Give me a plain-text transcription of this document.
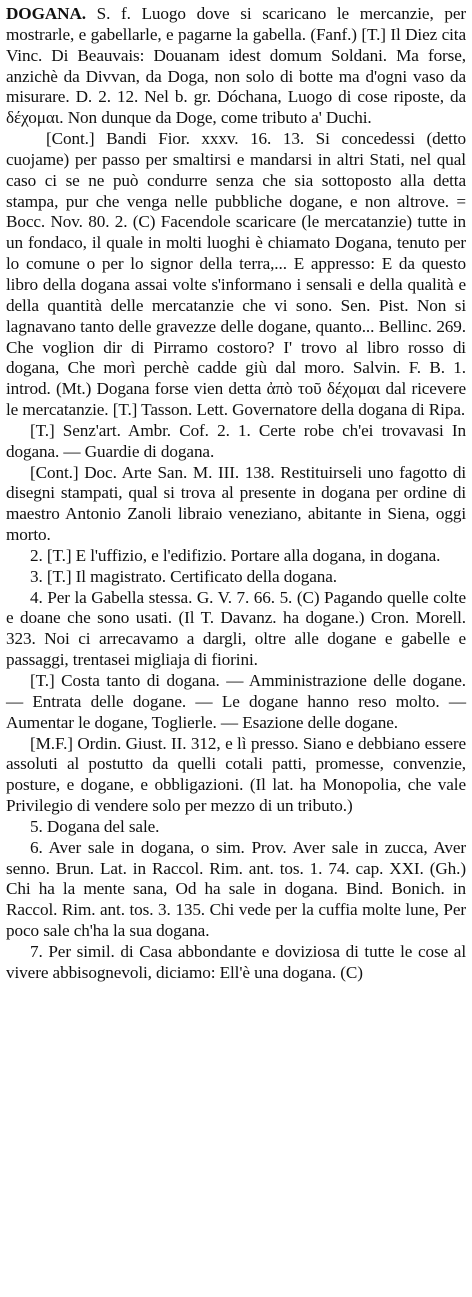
DOGANA. S. f. Luogo dove si scaricano le mercanzie, per mostrarle, e gabellarle, e pagarne la gabella. (Fanf.) [T.] Il Diez cita Vinc. Di Beauvais: Douanam idest domum Soldani. Ma forse, anzichè da Divvan, da Doga, non solo di botte ma d'ogni vaso da misurare. D. 2. 12. Nel b. gr. Dóchana, Luogo di cose riposte, da δέχομαι. Non dunque da Doge, come tributo a' Duchi.

[Cont.] Bandi Fior. xxxv. 16. 13. Si concedessi (detto cuojame) per passo per smaltirsi e mandarsi in altri Stati, nel qual caso ci se ne può condurre senza che sia sottoposto alla detta stampa, pur che venga nelle pubbliche dogane, e non altrove. = Bocc. Nov. 80. 2. (C) Facendole scaricare (le mercatanzie) tutte in un fondaco, il quale in molti luoghi è chiamato Dogana, tenuto per lo comune o per lo signor della terra,... E appresso: E da questo libro della dogana assai volte s'informano i sensali e della qualità e della quantità delle mercatanzie che vi sono. Sen. Pist. Non si lagnavano tanto delle gravezze delle dogane, quanto... Bellinc. 269. Che voglion dir di Pirramo costoro? I' trovo al libro rosso di dogana, Che morì perchè cadde giù dal moro. Salvin. F. B. 1. introd. (Mt.) Dogana forse vien detta ἀπὸ τοῦ δέχομαι dal ricevere le mercatanzie. [T.] Tasson. Lett. Governatore della dogana di Ripa.

[T.] Senz'art. Ambr. Cof. 2. 1. Certe robe ch'ei trovavasi In dogana. — Guardie di dogana.

[Cont.] Doc. Arte San. M. III. 138. Restituirseli uno fagotto di disegni stampati, qual si trova al presente in dogana per ordine di maestro Antonio Zanoli libraio veneziano, abitante in Siena, oggi morto.

2. [T.] E l'uffizio, e l'edifizio. Portare alla dogana, in dogana.

3. [T.] Il magistrato. Certificato della dogana.

4. Per la Gabella stessa. G. V. 7. 66. 5. (C) Pagando quelle colte e doane che sono usati. (Il T. Davanz. ha dogane.) Cron. Morell. 323. Noi ci arrecavamo a dargli, oltre alle dogane e gabelle e passaggi, trentasei migliaja di fiorini.

[T.] Costa tanto di dogana. — Amministrazione delle dogane. — Entrata delle dogane. — Le dogane hanno reso molto. — Aumentar le dogane, Toglierle. — Esazione delle dogane.

[M.F.] Ordin. Giust. II. 312, e lì presso. Siano e debbiano essere assoluti al postutto da quelli cotali patti, promesse, convenzie, posture, e dogane, e obbligazioni. (Il lat. ha Monopolia, che vale Privilegio di vendere solo per mezzo di un tributo.)

5. Dogana del sale.

6. Aver sale in dogana, o sim. Prov. Aver sale in zucca, Aver senno. Brun. Lat. in Raccol. Rim. ant. tos. 1. 74. cap. XXI. (Gh.) Chi ha la mente sana, Od ha sale in dogana. Bind. Bonich. in Raccol. Rim. ant. tos. 3. 135. Chi vede per la cuffia molte lune, Per poco sale ch'ha la sua dogana.

7. Per simil. di Casa abbondante e doviziosa di tutte le cose al vivere abbisognevoli, diciamo: Ell'è una dogana. (C)
